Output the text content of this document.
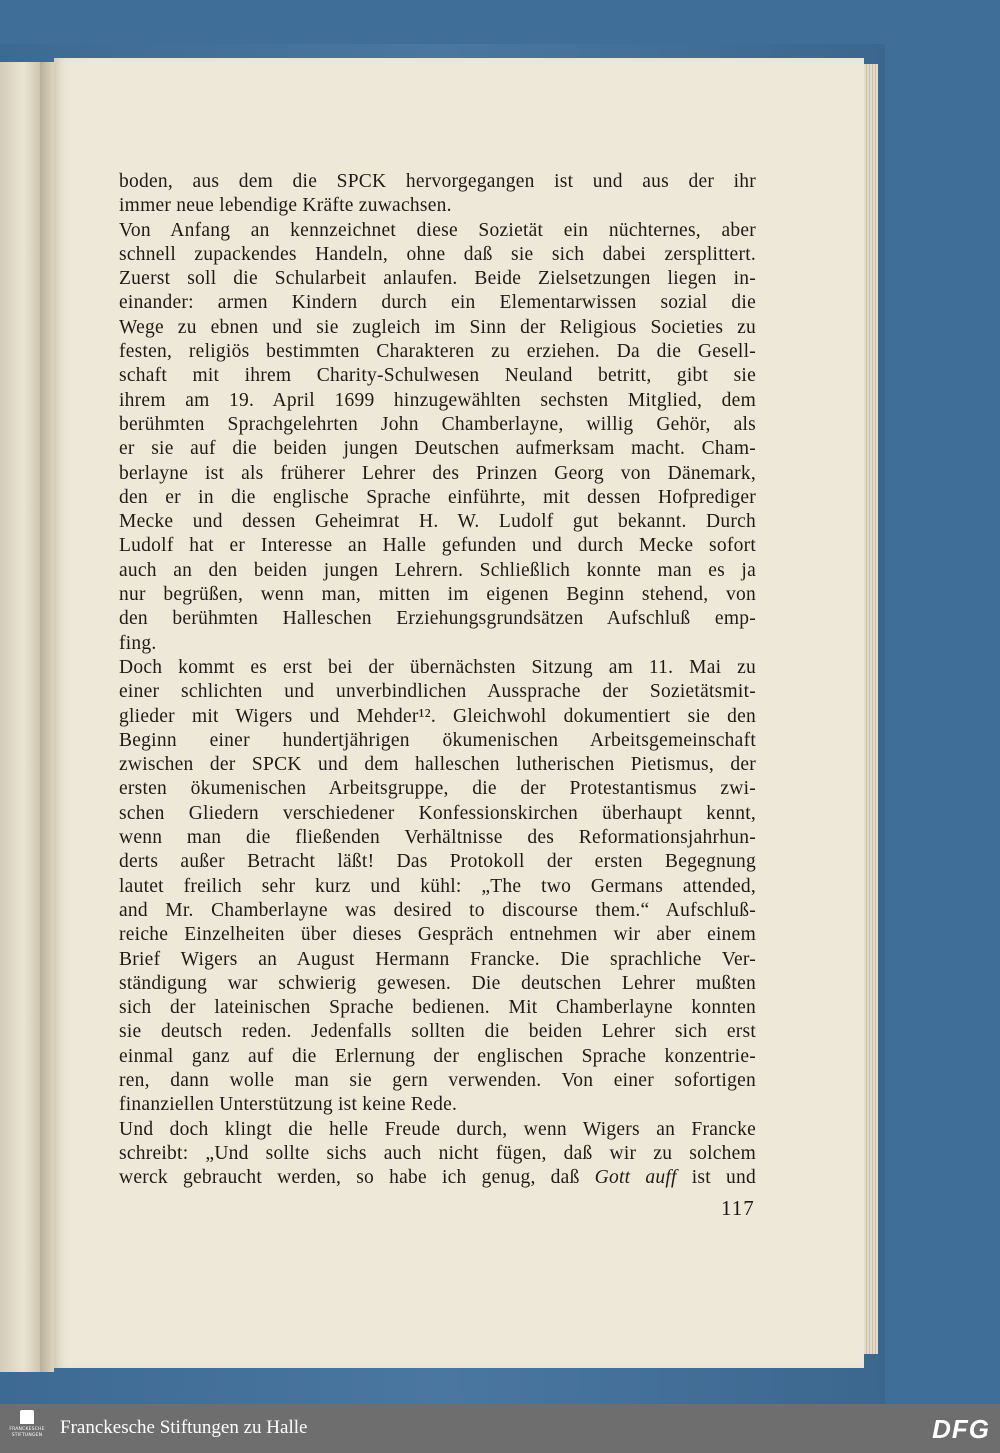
boden, aus dem die SPCK hervorgegangen ist und aus der ihr
immer neue lebendige Kräfte zuwachsen.
Von Anfang an kennzeichnet diese Sozietät ein nüchternes, aber
schnell zupackendes Handeln, ohne daß sie sich dabei zersplittert.
Zuerst soll die Schularbeit anlaufen. Beide Zielsetzungen liegen in-
einander: armen Kindern durch ein Elementarwissen sozial die
Wege zu ebnen und sie zugleich im Sinn der Religious Societies zu
festen, religiös bestimmten Charakteren zu erziehen. Da die Gesell-
schaft mit ihrem Charity-Schulwesen Neuland betritt, gibt sie
ihrem am 19. April 1699 hinzugewählten sechsten Mitglied, dem
berühmten Sprachgelehrten John Chamberlayne, willig Gehör, als
er sie auf die beiden jungen Deutschen aufmerksam macht. Cham-
berlayne ist als früherer Lehrer des Prinzen Georg von Dänemark,
den er in die englische Sprache einführte, mit dessen Hofprediger
Mecke und dessen Geheimrat H. W. Ludolf gut bekannt. Durch
Ludolf hat er Interesse an Halle gefunden und durch Mecke sofort
auch an den beiden jungen Lehrern. Schließlich konnte man es ja
nur begrüßen, wenn man, mitten im eigenen Beginn stehend, von
den berühmten Halleschen Erziehungsgrundsätzen Aufschluß emp-
fing.
Doch kommt es erst bei der übernächsten Sitzung am 11. Mai zu
einer schlichten und unverbindlichen Aussprache der Sozietätsmit-
glieder mit Wigers und Mehder¹². Gleichwohl dokumentiert sie den
Beginn einer hundertjährigen ökumenischen Arbeitsgemeinschaft
zwischen der SPCK und dem halleschen lutherischen Pietismus, der
ersten ökumenischen Arbeitsgruppe, die der Protestantismus zwi-
schen Gliedern verschiedener Konfessionskirchen überhaupt kennt,
wenn man die fließenden Verhältnisse des Reformationsjahrhun-
derts außer Betracht läßt! Das Protokoll der ersten Begegnung
lautet freilich sehr kurz und kühl: „The two Germans attended,
and Mr. Chamberlayne was desired to discourse them.“ Aufschluß-
reiche Einzelheiten über dieses Gespräch entnehmen wir aber einem
Brief Wigers an August Hermann Francke. Die sprachliche Ver-
ständigung war schwierig gewesen. Die deutschen Lehrer mußten
sich der lateinischen Sprache bedienen. Mit Chamberlayne konnten
sie deutsch reden. Jedenfalls sollten die beiden Lehrer sich erst
einmal ganz auf die Erlernung der englischen Sprache konzentrie-
ren, dann wolle man sie gern verwenden. Von einer sofortigen
finanziellen Unterstützung ist keine Rede.
Und doch klingt die helle Freude durch, wenn Wigers an Francke
schreibt: „Und sollte sichs auch nicht fügen, daß wir zu solchem
werck gebraucht werden, so habe ich genug, daß Gott auff ist und
117
FRANCKESCHE STIFTUNGEN Franckesche Stiftungen zu Halle	DFG
